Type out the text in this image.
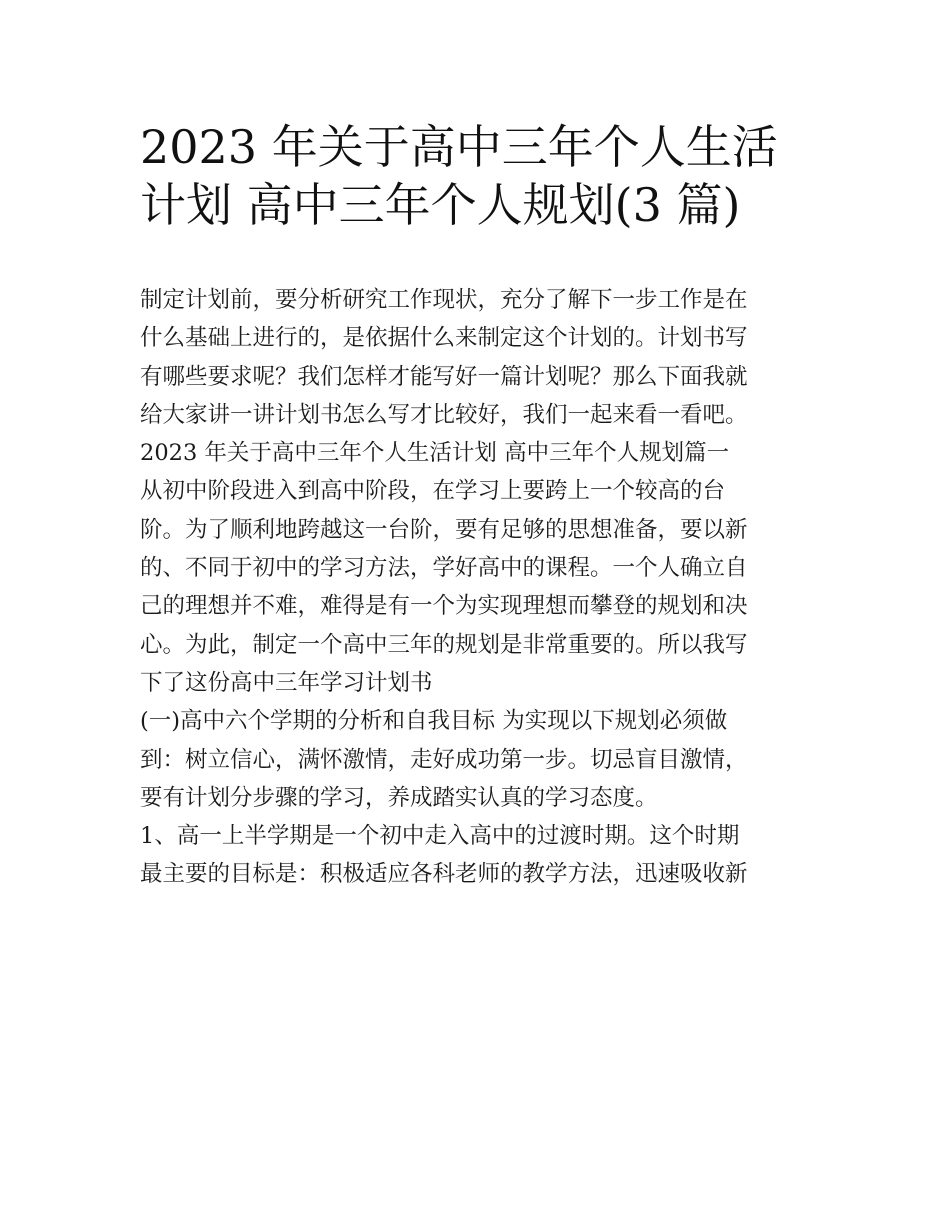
2023 年关于高中三年个人生活
计划 高中三年个人规划(3 篇)

制定计划前，要分析研究工作现状，充分了解下一步工作是在
什么基础上进行的，是依据什么来制定这个计划的。计划书写
有哪些要求呢？我们怎样才能写好一篇计划呢？那么下面我就
给大家讲一讲计划书怎么写才比较好，我们一起来看一看吧。

2023 年关于高中三年个人生活计划 高中三年个人规划篇一

从初中阶段进入到高中阶段，在学习上要跨上一个较高的台
阶。为了顺利地跨越这一台阶，要有足够的思想准备，要以新
的、不同于初中的学习方法，学好高中的课程。一个人确立自
己的理想并不难，难得是有一个为实现理想而攀登的规划和决
心。为此，制定一个高中三年的规划是非常重要的。所以我写
下了这份高中三年学习计划书

(一)高中六个学期的分析和自我目标 为实现以下规划必须做
到：树立信心，满怀激情，走好成功第一步。切忌盲目激情，
要有计划分步骤的学习，养成踏实认真的学习态度。

1、高一上半学期是一个初中走入高中的过渡时期。这个时期
最主要的目标是：积极适应各科老师的教学方法，迅速吸收新
